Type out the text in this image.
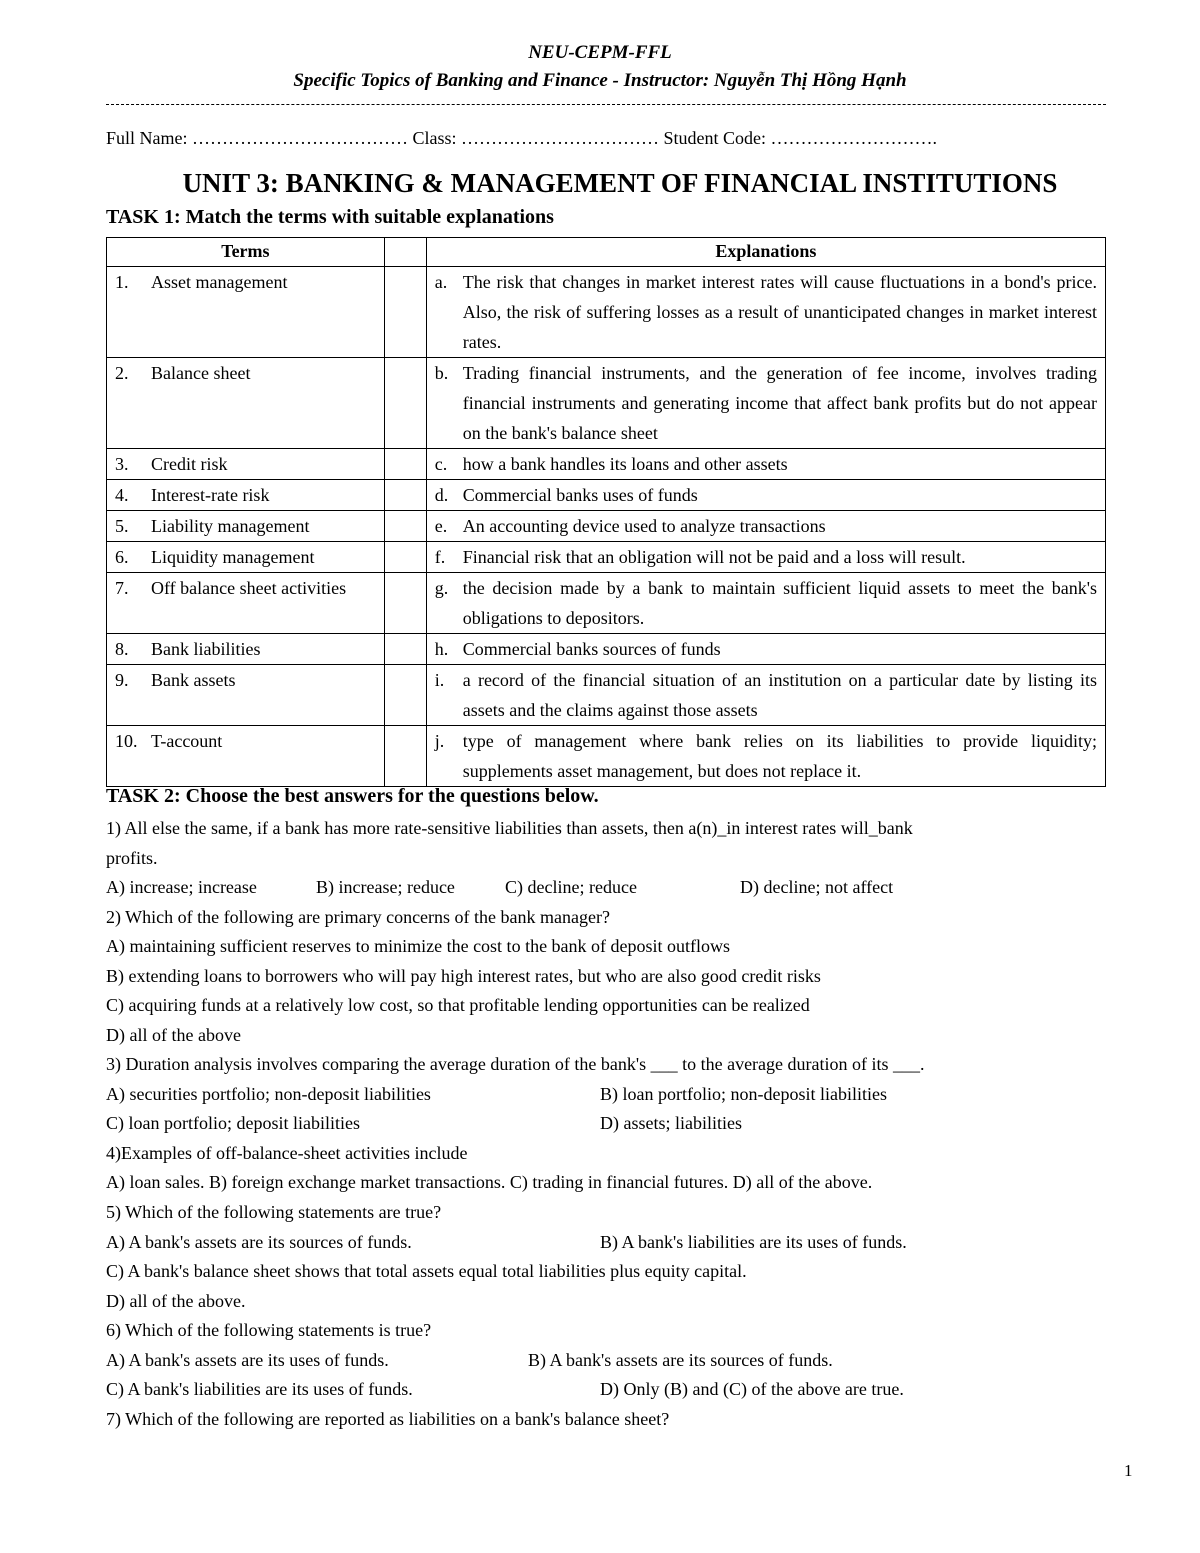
NEU-CEPM-FFL
Specific Topics of Banking and Finance - Instructor: Nguyễn Thị Hồng Hạnh
Full Name: ……………………………… Class: …………………………… Student Code: ……………………….
UNIT 3: BANKING & MANAGEMENT OF FINANCIAL INSTITUTIONS
TASK 1: Match the terms with suitable explanations
Terms		Explanations

1. Asset management		a. The risk that changes in market interest rates will cause fluctuations in a bond's price. Also, the risk of suffering losses as a result of unanticipated changes in market interest rates.

2. Balance sheet		b. Trading financial instruments, and the generation of fee income, involves trading financial instruments and generating income that affect bank profits but do not appear on the bank's balance sheet

3. Credit risk		c. how a bank handles its loans and other assets

4. Interest-rate risk		d. Commercial banks uses of funds

5. Liability management		e. An accounting device used to analyze transactions

6. Liquidity management		f. Financial risk that an obligation will not be paid and a loss will result.

7. Off balance sheet activities		g. the decision made by a bank to maintain sufficient liquid assets to meet the bank's obligations to depositors.

8. Bank liabilities		h. Commercial banks sources of funds

9. Bank assets		i. a record of the financial situation of an institution on a particular date by listing its assets and the claims against those assets

10. T-account		j. type of management where bank relies on its liabilities to provide liquidity; supplements asset management, but does not replace it.
TASK 2: Choose the best answers for the questions below.
1) All else the same, if a bank has more rate-sensitive liabilities than assets, then a(n)_in interest rates will_bank
profits.
A) increase; increase	B) increase; reduce	C) decline; reduce	D) decline; not affect
2) Which of the following are primary concerns of the bank manager?
A) maintaining sufficient reserves to minimize the cost to the bank of deposit outflows
B) extending loans to borrowers who will pay high interest rates, but who are also good credit risks
C) acquiring funds at a relatively low cost, so that profitable lending opportunities can be realized
D) all of the above
3) Duration analysis involves comparing the average duration of the bank's ___ to the average duration of its ___.
A) securities portfolio; non-deposit liabilities	B) loan portfolio; non-deposit liabilities
C) loan portfolio; deposit liabilities	D) assets; liabilities
4)Examples of off-balance-sheet activities include
A) loan sales. B) foreign exchange market transactions. C) trading in financial futures. D) all of the above.
5) Which of the following statements are true?
A) A bank's assets are its sources of funds.	B) A bank's liabilities are its uses of funds.
C) A bank's balance sheet shows that total assets equal total liabilities plus equity capital.
D) all of the above.
6) Which of the following statements is true?
A) A bank's assets are its uses of funds.	B) A bank's assets are its sources of funds.
C) A bank's liabilities are its uses of funds.	D) Only (B) and (C) of the above are true.
7) Which of the following are reported as liabilities on a bank's balance sheet?
1
